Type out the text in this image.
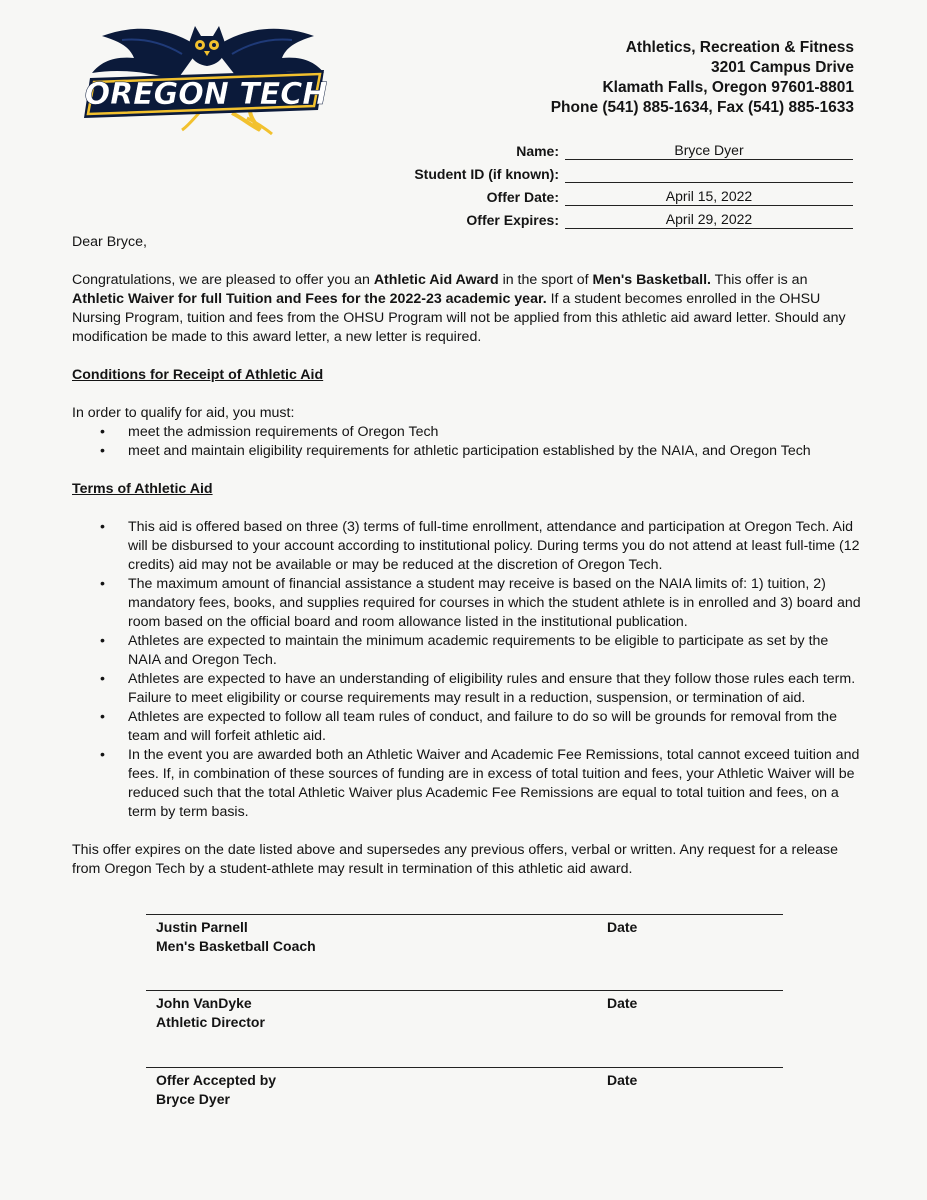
OREGON TECH
Athletics, Recreation & Fitness
3201 Campus Drive
Klamath Falls, Oregon 97601-8801
Phone (541) 885-1634, Fax (541) 885-1633
Name:	Bryce Dyer
Student ID (if known):
Offer Date:	April 15, 2022
Offer Expires:	April 29, 2022

Dear Bryce,

Congratulations, we are pleased to offer you an Athletic Aid Award in the sport of Men's Basketball. This offer is an Athletic Waiver for full Tuition and Fees for the 2022-23 academic year. If a student becomes enrolled in the OHSU Nursing Program, tuition and fees from the OHSU Program will not be applied from this athletic aid award letter. Should any modification be made to this award letter, a new letter is required.

Conditions for Receipt of Athletic Aid

In order to qualify for aid, you must:

• meet the admission requirements of Oregon Tech
• meet and maintain eligibility requirements for athletic participation established by the NAIA, and Oregon Tech

Terms of Athletic Aid

• This aid is offered based on three (3) terms of full-time enrollment, attendance and participation at Oregon Tech. Aid will be disbursed to your account according to institutional policy. During terms you do not attend at least full-time (12 credits) aid may not be available or may be reduced at the discretion of Oregon Tech.
• The maximum amount of financial assistance a student may receive is based on the NAIA limits of: 1) tuition, 2) mandatory fees, books, and supplies required for courses in which the student athlete is in enrolled and 3) board and room based on the official board and room allowance listed in the institutional publication.
• Athletes are expected to maintain the minimum academic requirements to be eligible to participate as set by the NAIA and Oregon Tech.
• Athletes are expected to have an understanding of eligibility rules and ensure that they follow those rules each term. Failure to meet eligibility or course requirements may result in a reduction, suspension, or termination of aid.
• Athletes are expected to follow all team rules of conduct, and failure to do so will be grounds for removal from the team and will forfeit athletic aid.
• In the event you are awarded both an Athletic Waiver and Academic Fee Remissions, total cannot exceed tuition and fees. If, in combination of these sources of funding are in excess of total tuition and fees, your Athletic Waiver will be reduced such that the total Athletic Waiver plus Academic Fee Remissions are equal to total tuition and fees, on a term by term basis.

This offer expires on the date listed above and supersedes any previous offers, verbal or written. Any request for a release from Oregon Tech by a student-athlete may result in termination of this athletic aid award.

Justin Parnell
Men's Basketball Coach
Date
John VanDyke
Athletic Director
Date
Offer Accepted by
Bryce Dyer
Date
